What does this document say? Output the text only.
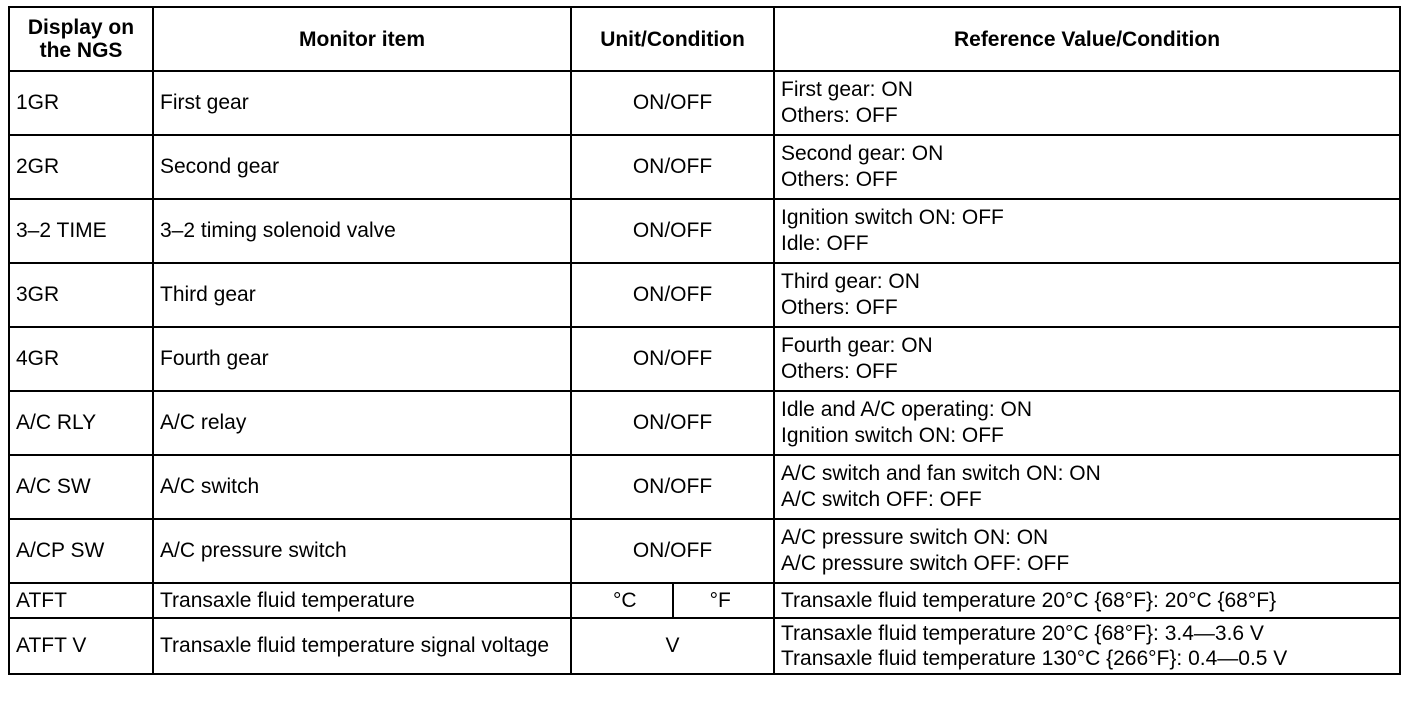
Display on the NGS	Monitor item	Unit/Condition	Reference Value/Condition
1GR	First gear	ON/OFF	First gear: ON
Others: OFF

2GR	Second gear	ON/OFF	Second gear: ON
Others: OFF

3–2 TIME	3–2 timing solenoid valve	ON/OFF	Ignition switch ON: OFF
Idle: OFF

3GR	Third gear	ON/OFF	Third gear: ON
Others: OFF

4GR	Fourth gear	ON/OFF	Fourth gear: ON
Others: OFF

A/C RLY	A/C relay	ON/OFF	Idle and A/C operating: ON
Ignition switch ON: OFF

A/C SW	A/C switch	ON/OFF	A/C switch and fan switch ON: ON
A/C switch OFF: OFF

A/CP SW	A/C pressure switch	ON/OFF	A/C pressure switch ON: ON
A/C pressure switch OFF: OFF

ATFT	Transaxle fluid temperature	°C °F	Transaxle fluid temperature 20°C {68°F}: 20°C {68°F}

ATFT V	Transaxle fluid temperature signal voltage	V	Transaxle fluid temperature 20°C {68°F}: 3.4—3.6 V
Transaxle fluid temperature 130°C {266°F}: 0.4—0.5 V
